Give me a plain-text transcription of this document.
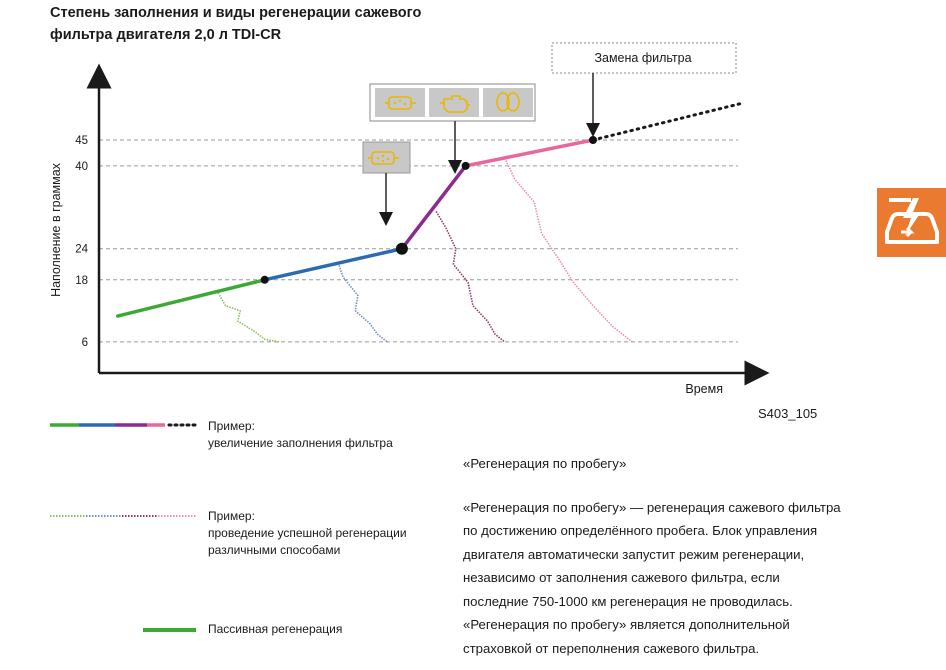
Степень заполнения и виды регенерации сажевого
фильтра двигателя 2,0 л TDI-CR
Наполнение в граммах
Время
6
18
24
40
45
Замена фильтра
S403_105
Пример:
увеличение заполнения фильтра
Пример:
проведение успешной регенерации
различными способами
Пассивная регенерация
«Регенерация по пробегу»
«Регенерация по пробегу» — регенерация сажевого фильтра по достижению определённого пробега. Блок управления двигателя автоматически запустит режим регенерации, независимо от заполнения сажевого фильтра, если последние 750-1000 км регенерация не проводилась.
«Регенерация по пробегу» является дополнительной страховкой от переполнения сажевого фильтра.
